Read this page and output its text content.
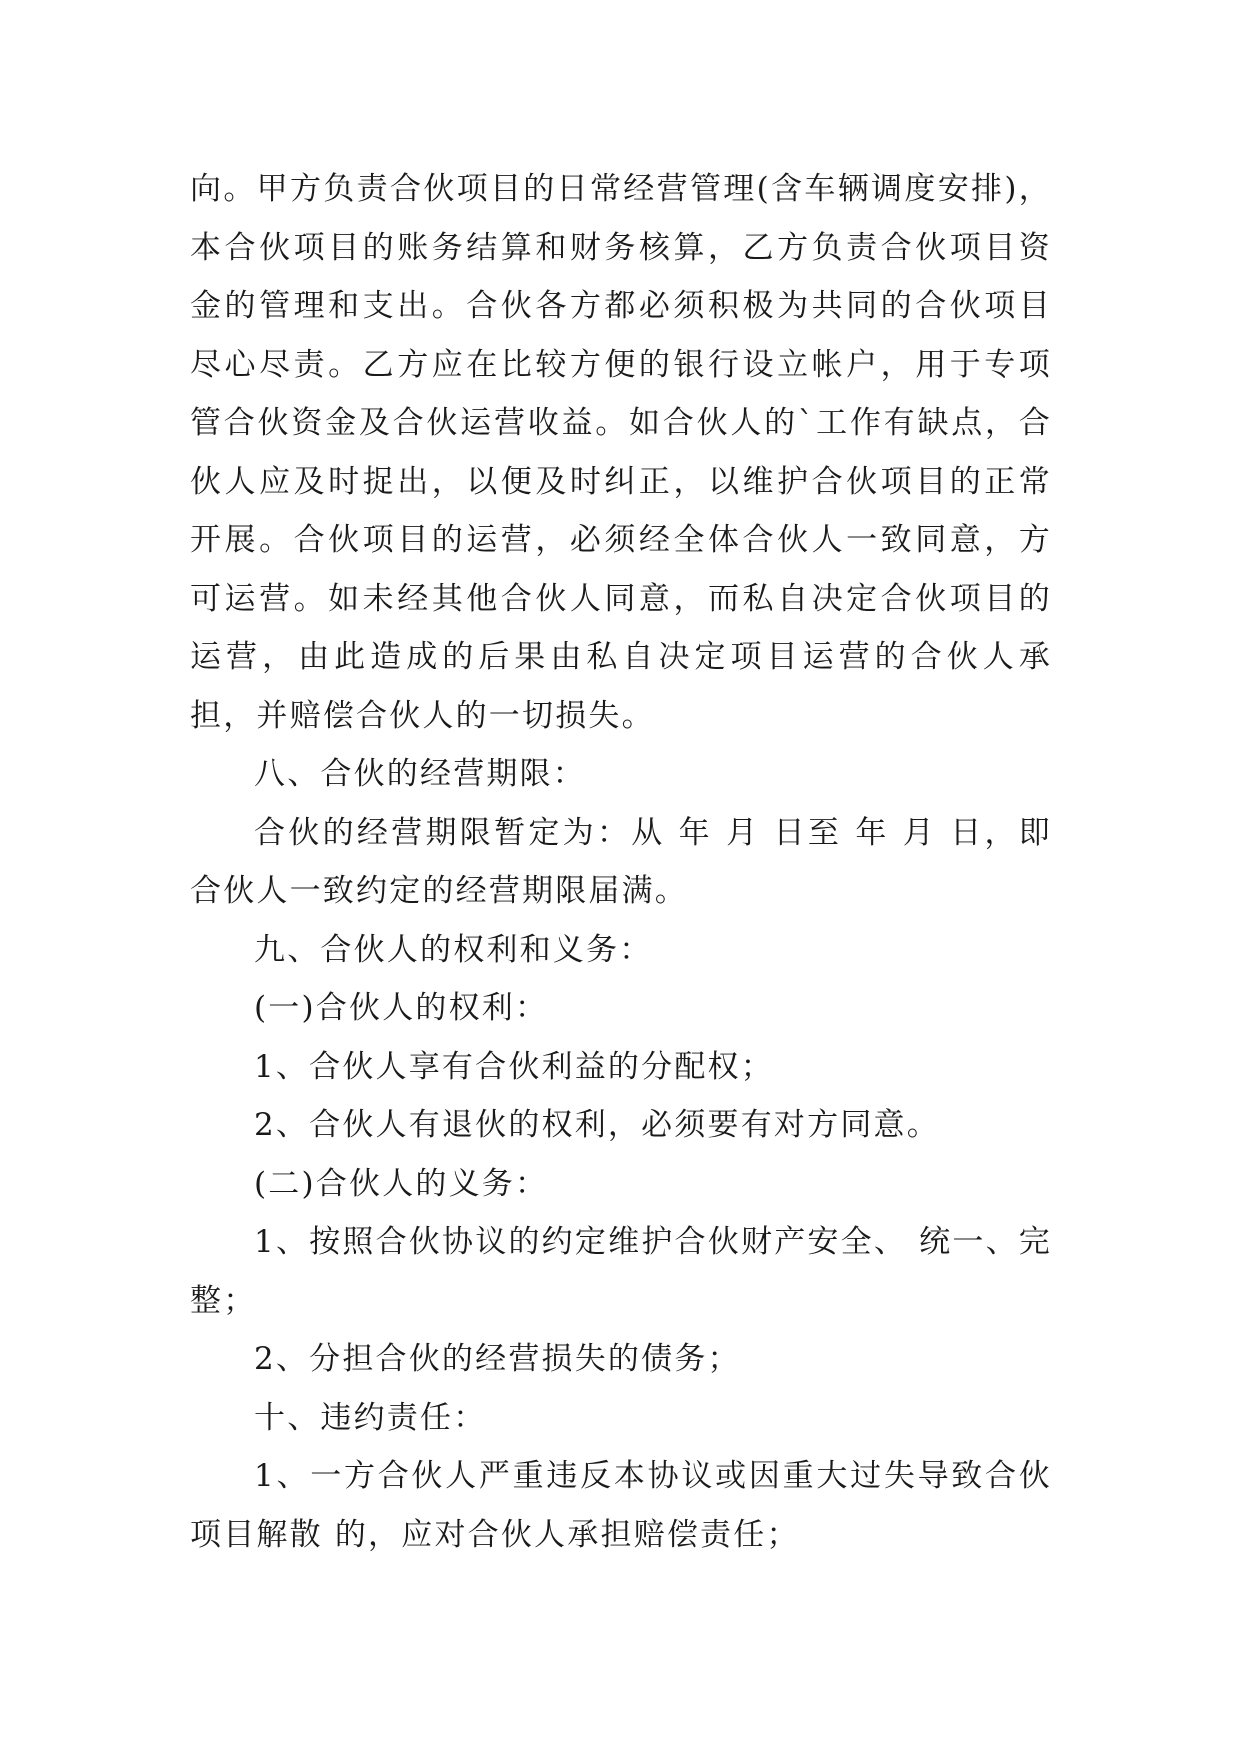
向。甲方负责合伙项目的日常经营管理(含车辆调度安排)，本合伙项目的账务结算和财务核算，乙方负责合伙项目资金的管理和支出。合伙各方都必须积极为共同的合伙项目尽心尽责。乙方应在比较方便的银行设立帐户，用于专项管合伙资金及合伙运营收益。如合伙人的`工作有缺点，合伙人应及时捉出，以便及时纠正，以维护合伙项目的正常开展。合伙项目的运营，必须经全体合伙人一致同意，方可运营。如未经其他合伙人同意，而私自决定合伙项目的运营，由此造成的后果由私自决定项目运营的合伙人承担，并赔偿合伙人的一切损失。

八、合伙的经营期限：

合伙的经营期限暂定为：从 年 月 日至 年 月 日，即合伙人一致约定的经营期限届满。

九、合伙人的权利和义务：

(一)合伙人的权利：

1、合伙人享有合伙利益的分配权；

2、合伙人有退伙的权利，必须要有对方同意。

(二)合伙人的义务：

1、按照合伙协议的约定维护合伙财产安全、 统一、完整；

2、分担合伙的经营损失的债务；

十、违约责任：

1、一方合伙人严重违反本协议或因重大过失导致合伙项目解散 的，应对合伙人承担赔偿责任；
